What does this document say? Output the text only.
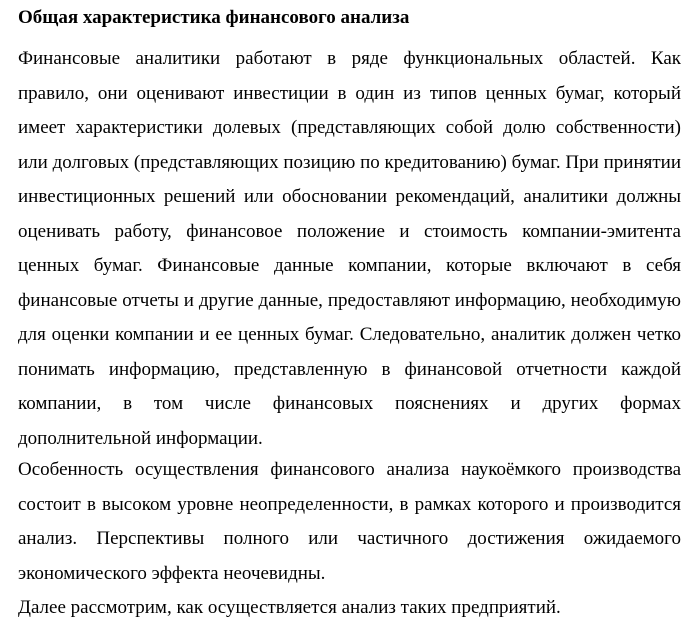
Общая характеристика финансового анализа

Финансовые аналитики работают в ряде функциональных областей. Как правило, они оценивают инвестиции в один из типов ценных бумаг, который имеет характеристики долевых (представляющих собой долю собственности) или долговых (представляющих позицию по кредитованию) бумаг. При принятии инвестиционных решений или обосновании рекомендаций, аналитики должны оценивать работу, финансовое положение и стоимость компании-эмитента ценных бумаг. Финансовые данные компании, которые включают в себя финансовые отчеты и другие данные, предоставляют информацию, необходимую для оценки компании и ее ценных бумаг. Следовательно, аналитик должен четко понимать информацию, представленную в финансовой отчетности каждой компании, в том числе финансовых пояснениях и других формах дополнительной информации.

Особенность осуществления финансового анализа наукоёмкого производства состоит в высоком уровне неопределенности, в рамках которого и производится анализ. Перспективы полного или частичного достижения ожидаемого экономического эффекта неочевидны.

Далее рассмотрим, как осуществляется анализ таких предприятий.
